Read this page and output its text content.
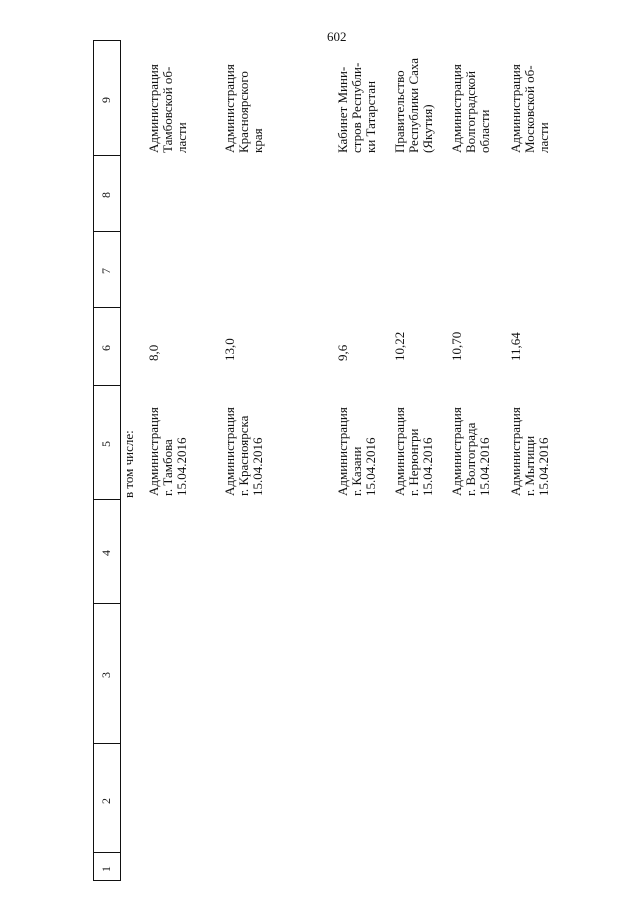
602
1
2
3
4
5
6
7
8
9
в том числе: Администрация г. Тамбова 15.04.2016
8,0
Администрация Тамбовской об- ласти
Администрация г. Красноярска 15.04.2016
13,0
Администрация Красноярского края
Администрация г. Казани 15.04.2016
9,6
Кабинет Мини- стров Республи- ки Татарстан
Администрация г. Нерюнгри 15.04.2016
10,22
Правительство Республики Саха (Якутия)
Администрация г. Волгограда 15.04.2016
10,70
Администрация Волгоградской области
Администрация г. Мытищи 15.04.2016
11,64
Администрация Московской об- ласти
